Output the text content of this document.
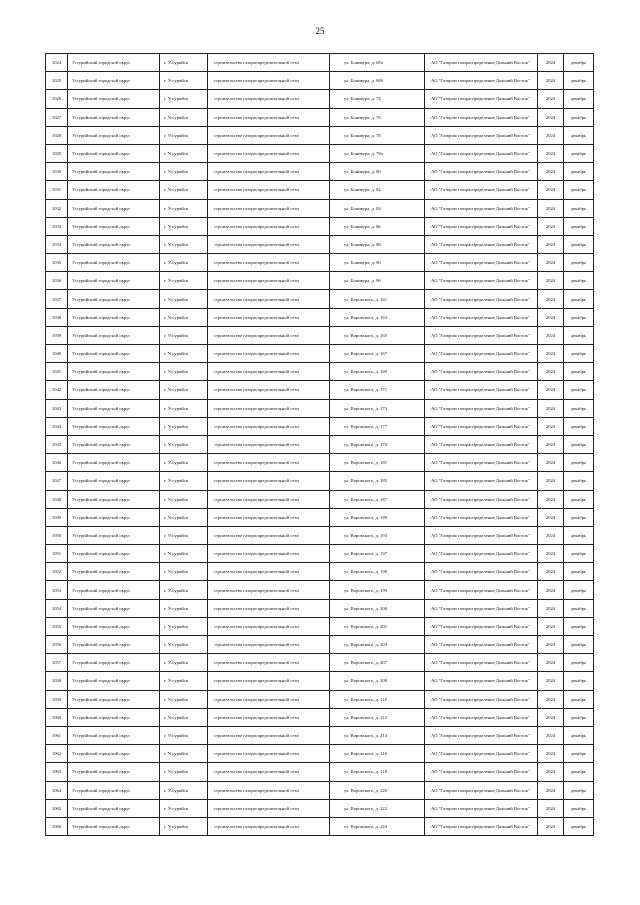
25
1024	Уссурийский городской округ	г. Уссурийск	строительство газораспределительной сети	ул. Бонивура, д. 68а	АО "Газпром газораспределение Дальний Восток"	2024	декабрь
1025	Уссурийский городской округ	г. Уссурийск	строительство газораспределительной сети	ул. Бонивура, д. 68б	АО "Газпром газораспределение Дальний Восток"	2024	декабрь
1026	Уссурийский городской округ	г. Уссурийск	строительство газораспределительной сети	ул. Бонивура, д. 74	АО "Газпром газораспределение Дальний Восток"	2024	декабрь
1027	Уссурийский городской округ	г. Уссурийск	строительство газораспределительной сети	ул. Бонивура, д. 76	АО "Газпром газораспределение Дальний Восток"	2024	декабрь
1028	Уссурийский городской округ	г. Уссурийск	строительство газораспределительной сети	ул. Бонивура, д. 78	АО "Газпром газораспределение Дальний Восток"	2024	декабрь
1029	Уссурийский городской округ	г. Уссурийск	строительство газораспределительной сети	ул. Бонивура, д. 78а	АО "Газпром газораспределение Дальний Восток"	2024	декабрь
1030	Уссурийский городской округ	г. Уссурийск	строительство газораспределительной сети	ул. Бонивура, д. 80	АО "Газпром газораспределение Дальний Восток"	2024	декабрь
1031	Уссурийский городской округ	г. Уссурийск	строительство газораспределительной сети	ул. Бонивура, д. 82	АО "Газпром газораспределение Дальний Восток"	2024	декабрь
1032	Уссурийский городской округ	г. Уссурийск	строительство газораспределительной сети	ул. Бонивура, д. 84	АО "Газпром газораспределение Дальний Восток"	2024	декабрь
1033	Уссурийский городской округ	г. Уссурийск	строительство газораспределительной сети	ул. Бонивура, д. 86	АО "Газпром газораспределение Дальний Восток"	2024	декабрь
1034	Уссурийский городской округ	г. Уссурийск	строительство газораспределительной сети	ул. Бонивура, д. 88	АО "Газпром газораспределение Дальний Восток"	2024	декабрь
1035	Уссурийский городской округ	г. Уссурийск	строительство газораспределительной сети	ул. Бонивура, д. 90	АО "Газпром газораспределение Дальний Восток"	2024	декабрь
1036	Уссурийский городской округ	г. Уссурийск	строительство газораспределительной сети	ул. Бонивура, д. 96	АО "Газпром газораспределение Дальний Восток"	2024	декабрь
1037	Уссурийский городской округ	г. Уссурийск	строительство газораспределительной сети	ул. Воровского, д. 161	АО "Газпром газораспределение Дальний Восток"	2024	декабрь
1038	Уссурийский городской округ	г. Уссурийск	строительство газораспределительной сети	ул. Воровского, д. 163	АО "Газпром газораспределение Дальний Восток"	2024	декабрь
1039	Уссурийский городской округ	г. Уссурийск	строительство газораспределительной сети	ул. Воровского, д. 165	АО "Газпром газораспределение Дальний Восток"	2024	декабрь
1040	Уссурийский городской округ	г. Уссурийск	строительство газораспределительной сети	ул. Воровского, д. 167	АО "Газпром газораспределение Дальний Восток"	2024	декабрь
1041	Уссурийский городской округ	г. Уссурийск	строительство газораспределительной сети	ул. Воровского, д. 169	АО "Газпром газораспределение Дальний Восток"	2024	декабрь
1042	Уссурийский городской округ	г. Уссурийск	строительство газораспределительной сети	ул. Воровского, д. 171	АО "Газпром газораспределение Дальний Восток"	2024	декабрь
1043	Уссурийский городской округ	г. Уссурийск	строительство газораспределительной сети	ул. Воровского, д. 173	АО "Газпром газораспределение Дальний Восток"	2024	декабрь
1044	Уссурийский городской округ	г. Уссурийск	строительство газораспределительной сети	ул. Воровского, д. 177	АО "Газпром газораспределение Дальний Восток"	2024	декабрь
1045	Уссурийский городской округ	г. Уссурийск	строительство газораспределительной сети	ул. Воровского, д. 179	АО "Газпром газораспределение Дальний Восток"	2024	декабрь
1046	Уссурийский городской округ	г. Уссурийск	строительство газораспределительной сети	ул. Воровского, д. 181	АО "Газпром газораспределение Дальний Восток"	2024	декабрь
1047	Уссурийский городской округ	г. Уссурийск	строительство газораспределительной сети	ул. Воровского, д. 185	АО "Газпром газораспределение Дальний Восток"	2024	декабрь
1048	Уссурийский городской округ	г. Уссурийск	строительство газораспределительной сети	ул. Воровского, д. 187	АО "Газпром газораспределение Дальний Восток"	2024	декабрь
1049	Уссурийский городской округ	г. Уссурийск	строительство газораспределительной сети	ул. Воровского, д. 189	АО "Газпром газораспределение Дальний Восток"	2024	декабрь
1050	Уссурийский городской округ	г. Уссурийск	строительство газораспределительной сети	ул. Воровского, д. 193	АО "Газпром газораспределение Дальний Восток"	2024	декабрь
1051	Уссурийский городской округ	г. Уссурийск	строительство газораспределительной сети	ул. Воровского, д. 197	АО "Газпром газораспределение Дальний Восток"	2024	декабрь
1052	Уссурийский городской округ	г. Уссурийск	строительство газораспределительной сети	ул. Воровского, д. 198	АО "Газпром газораспределение Дальний Восток"	2024	декабрь
1053	Уссурийский городской округ	г. Уссурийск	строительство газораспределительной сети	ул. Воровского, д. 199	АО "Газпром газораспределение Дальний Восток"	2024	декабрь
1054	Уссурийский городской округ	г. Уссурийск	строительство газораспределительной сети	ул. Воровского, д. 200	АО "Газпром газораспределение Дальний Восток"	2024	декабрь
1055	Уссурийский городской округ	г. Уссурийск	строительство газораспределительной сети	ул. Воровского, д. 201	АО "Газпром газораспределение Дальний Восток"	2024	декабрь
1056	Уссурийский городской округ	г. Уссурийск	строительство газораспределительной сети	ул. Воровского, д. 203	АО "Газпром газораспределение Дальний Восток"	2024	декабрь
1057	Уссурийский городской округ	г. Уссурийск	строительство газораспределительной сети	ул. Воровского, д. 207	АО "Газпром газораспределение Дальний Восток"	2024	декабрь
1058	Уссурийский городской округ	г. Уссурийск	строительство газораспределительной сети	ул. Воровского, д. 208	АО "Газпром газораспределение Дальний Восток"	2024	декабрь
1059	Уссурийский городской округ	г. Уссурийск	строительство газораспределительной сети	ул. Воровского, д. 210	АО "Газпром газораспределение Дальний Восток"	2024	декабрь
1060	Уссурийский городской округ	г. Уссурийск	строительство газораспределительной сети	ул. Воровского, д. 212	АО "Газпром газораспределение Дальний Восток"	2024	декабрь
1061	Уссурийский городской округ	г. Уссурийск	строительство газораспределительной сети	ул. Воровского, д. 214	АО "Газпром газораспределение Дальний Восток"	2024	декабрь
1062	Уссурийский городской округ	г. Уссурийск	строительство газораспределительной сети	ул. Воровского, д. 216	АО "Газпром газораспределение Дальний Восток"	2024	декабрь
1063	Уссурийский городской округ	г. Уссурийск	строительство газораспределительной сети	ул. Воровского, д. 218	АО "Газпром газораспределение Дальний Восток"	2024	декабрь
1064	Уссурийский городской округ	г. Уссурийск	строительство газораспределительной сети	ул. Воровского, д. 220	АО "Газпром газораспределение Дальний Восток"	2024	декабрь
1065	Уссурийский городской округ	г. Уссурийск	строительство газораспределительной сети	ул. Воровского, д. 222	АО "Газпром газораспределение Дальний Восток"	2024	декабрь
1066	Уссурийский городской округ	г. Уссурийск	строительство газораспределительной сети	ул. Воровского, д. 224	АО "Газпром газораспределение Дальний Восток"	2024	декабрь
